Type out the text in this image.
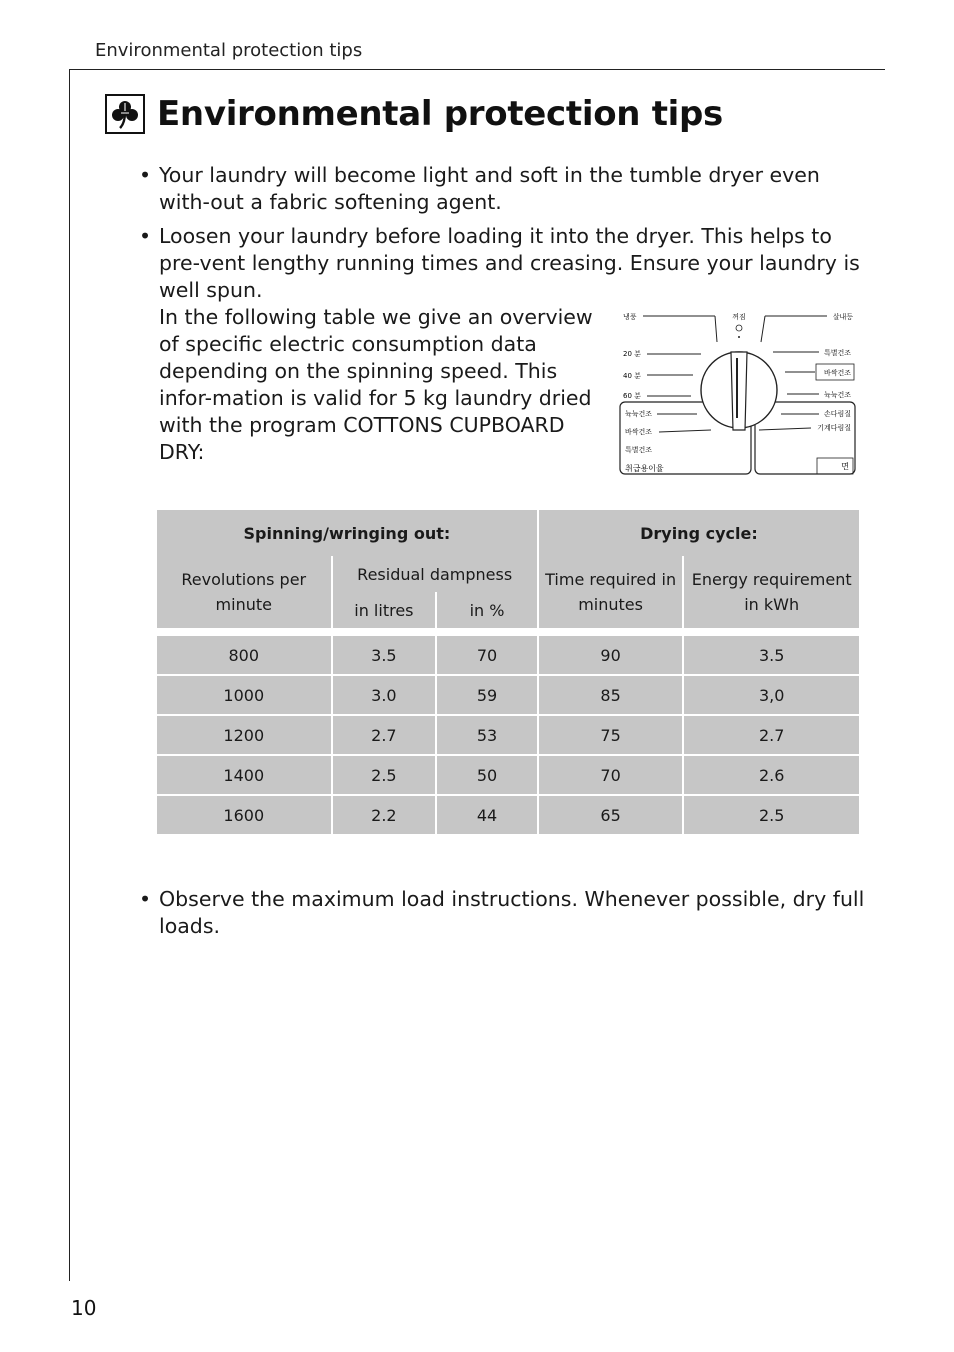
Environmental protection tips
Environmental protection tips
• Your laundry will become light and soft in the tumble dryer even with-out a fabric softening agent.
• Loosen your laundry before loading it into the dryer. This helps to pre-vent lengthy running times and creasing. Ensure your laundry is well spun.
In the following table we give an overview of specific electric consumption data depending on the spinning speed. This infor-mation is valid for 5 kg laundry dried with the program COTTONS CUPBOARD DRY:
냉풍	꺼짐	살내등
20 분
40 분
60 분
뉵뉵건조
바싹건조
특별건조
취급용이율
특별건조
바싹건조
뉵뉵건조
손다림질
기계다림질
면
Spinning/wringing out:			Drying cycle:	
Revolutions per minute	Residual dampness		Time required in minutes	Energy requirement in kWh
	in litres	in %		

800	3.5	70	90	3.5
1000	3.0	59	85	3,0
1200	2.7	53	75	2.7
1400	2.5	50	70	2.6
1600	2.2	44	65	2.5
• Observe the maximum load instructions. Whenever possible, dry full loads.
10
